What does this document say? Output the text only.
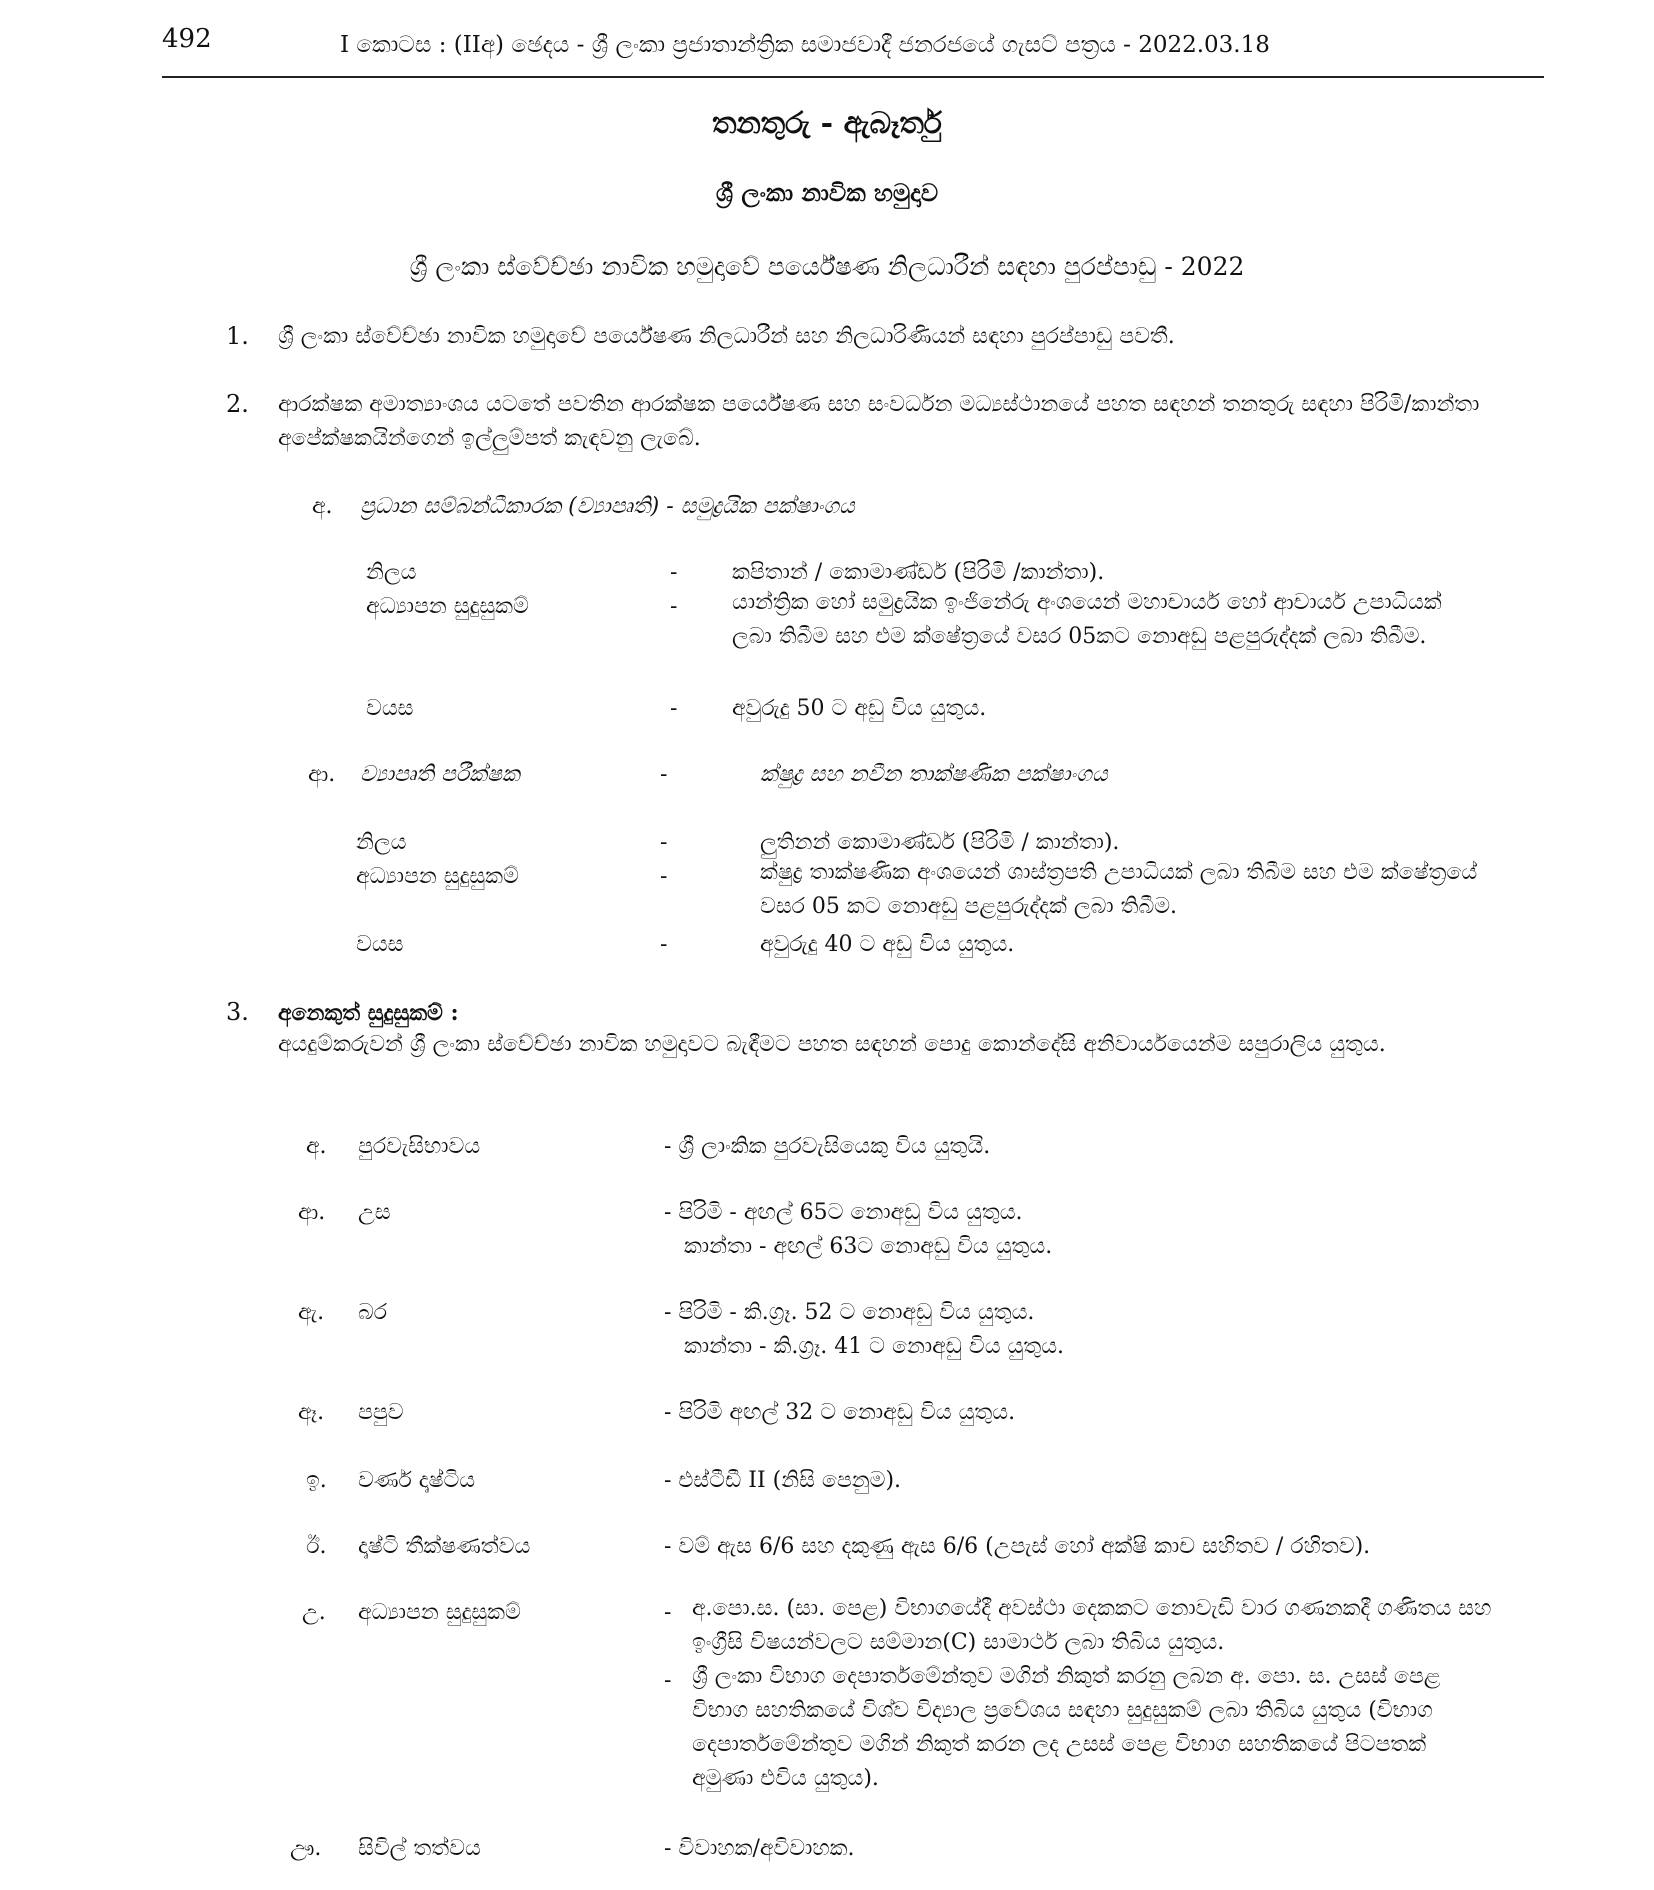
492	I කොටස : (IIඅ) ඡෙදය - ශ්‍රී ලංකා ප්‍රජාතාන්ත්‍රික සමාජවාදී ජනරජයේ ගැසට් පත්‍රය - 2022.03.18
තනතුරු - ඇබෑර්තු
ශ්‍රී ලංකා නාවික හමුදාව
ශ්‍රී ලංකා ස්වේච්ඡා නාවික හමුදාවේ පර්යේෂණ නිලධාරීන් සඳහා පුරප්පාඩු - 2022
1. ශ්‍රී ලංකා ස්වේච්ඡා නාවික හමුදාවේ පර්යේෂණ නිලධාරීන් සහ නිලධාරිණියන් සඳහා පුරප්පාඩු පවතී.
2. ආරක්ෂක අමාත්‍යාංශය යටතේ පවතින ආරක්ෂක පර්යේෂණ සහ සංවර්ධන මධ්‍යස්ථානයේ පහත සඳහන් තනතුරු සඳහා පිරිමි/කාන්තා අපේක්ෂකයින්ගෙන් ඉල්ලුම්පත් කැඳවනු ලැබේ.
අ. ප්‍රධාන සම්බන්ධීකාරක (ව්‍යාපෘති) - සමුද්‍රයික පක්ෂාංගය
නිලය	- කපිතාන් / කොමාණ්ඩර් (පිරිමි /කාන්තා).
අධ්‍යාපන සුදුසුකම්	- යාන්ත්‍රික හෝ සමුද්‍රයික ඉංජිනේරු අංශයෙන් මහාචාර්ය හෝ ආචාර්ය උපාධියක් ලබා තිබීම සහ එම ක්ෂේත්‍රයේ වසර 05කට නොඅඩු පළපුරුද්දක් ලබා තිබීම.
වයස	- අවුරුදු 50 ට අඩු විය යුතුය.
ආ. ව්‍යාපෘති පරීක්ෂක	-	ක්ෂුද්‍ර සහ නවීන තාක්ෂණික පක්ෂාංගය
නිලය	-	ලුතිනන් කොමාණ්ඩර් (පිරිමි / කාන්තා).
අධ්‍යාපන සුදුසුකම්	-	ක්ෂුද්‍ර තාක්ෂණික අංශයෙන් ශාස්ත්‍රපති උපාධියක් ලබා තිබීම සහ එම ක්ෂේත්‍රයේ වසර 05 කට නොඅඩු පළපුරුද්දක් ලබා තිබීම.
වයස	-	අවුරුදු 40 ට අඩු විය යුතුය.
3. අනෙකුත් සුදුසුකම් :
අයදුම්කරුවන් ශ්‍රී ලංකා ස්වේච්ඡා නාවික හමුදාවට බැඳීමට පහත සඳහන් පොදු කොන්දේසි අනිවාර්යයෙන්ම සපුරාලිය යුතුය.
අ. පුරවැසිභාවය	- ශ්‍රී ලාංකික පුරවැසියෙකු විය යුතුයි.
ආ. උස	- පිරිමි - අඟල් 65ට නොඅඩු විය යුතුය.
කාන්තා - අඟල් 63ට නොඅඩු විය යුතුය.
ඇ. බර	- පිරිමි - කි.ග්‍රෑ. 52 ට නොඅඩු විය යුතුය.
කාන්තා - කි.ග්‍රෑ. 41 ට නොඅඩු විය යුතුය.
ඈ. පපුව	- පිරිමි අඟල් 32 ට නොඅඩු විය යුතුය.
ඉ. වර්ණ දෘෂ්ටිය	- එස්ටීඩී II (නිසි පෙනුම).
ඊ. දෘෂ්ටි තීක්ෂණත්වය	- වම් ඇස 6/6 සහ දකුණු ඇස 6/6 (උපැස් හෝ අක්ෂි කාච සහිතව / රහිතව).
උ. අධ්‍යාපන සුදුසුකම්	- අ.පො.ස. (සා. පෙළ) විභාගයේදී අවස්ථා දෙකකට නොවැඩි වාර ගණනකදී ගණිතය සහ ඉංග්‍රීසි විෂයන්වලට සම්මාන(C) සාමාර්ථ ලබා තිබිය යුතුය.
- ශ්‍රී ලංකා විභාග දෙපාර්තමේන්තුව මගින් නිකුත් කරනු ලබන අ. පො. ස. උසස් පෙළ විභාග සහතිකයේ විශ්ව විද්‍යාල ප්‍රවේශය සඳහා සුදුසුකම් ලබා තිබිය යුතුය (විභාග දෙපාර්තමේන්තුව මගින් නිකුත් කරන ලද උසස් පෙළ විභාග සහතිකයේ පිටපතක් අමුණා එවිය යුතුය).
ඌ. සිවිල් තත්වය	- විවාහක/අවිවාහක.
